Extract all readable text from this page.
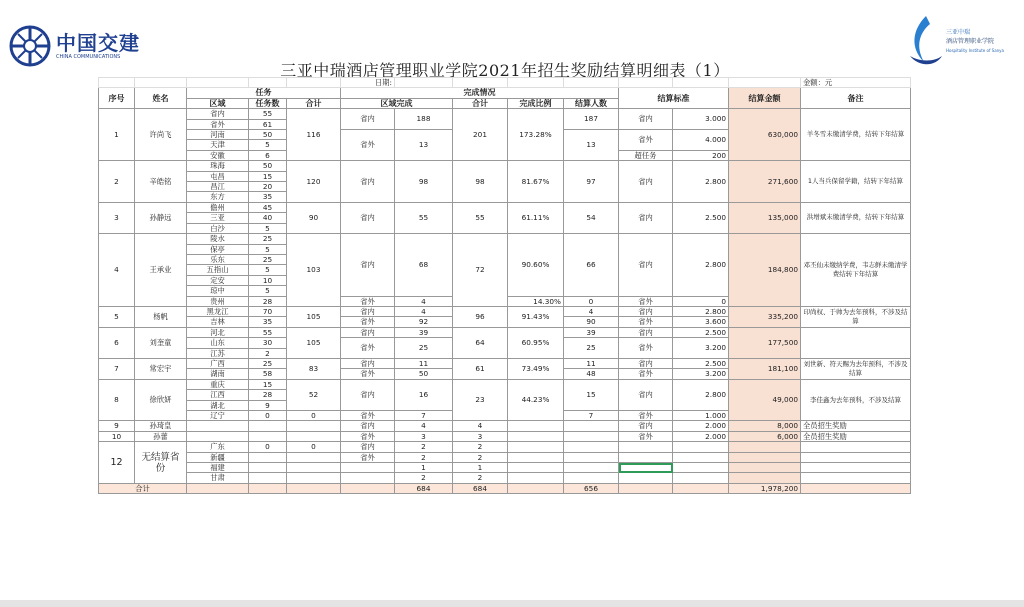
中国交建
CHINA COMMUNICATIONS
三亚中瑞
酒店管理职业学院
Hospitality Institute of Sanya
三亚中瑞酒店管理职业学院2021年招生奖励结算明细表（1）
					日期:								金额：元
序号	姓名	任务			完成情况					结算标准		结算金额	备注
		区域	任务数	合计	区域完成		合计	完成比例	结算人数				
1	许尚飞	省内	55	116	省内	188	201	173.28%	187	省内	3.000	630,000	羊冬雪未缴清学费，结转下年结算
		省外	61										
		河南	50		省外	13			13	省外	4.000		
		天津	5										
		安徽	6							超任务	200		
2	辛皓铭	珠海	50	120	省内	98	98	81.67%	97	省内	2.800	271,600	1人当兵保留学籍，结转下年结算
		屯昌	15										
		昌江	20										
		东方	35										
3	孙静远	儋州	45	90	省内	55	55	61.11%	54	省内	2.500	135,000	洪增斌未缴清学费，结转下年结算
		三亚	40										
		白沙	5										
4	王承业	陵水	25	103	省内	68	72	90.60%	66	省内	2.800	184,800	邓丕仙未缴纳学费，韦志鲜未缴清学费结转下年结算
		保亭	5										
		乐东	25										
		五指山	5										
		定安	10										
		琼中	5										
		贵州	28		省外	4		14.30%	0	省外	0		
5	杨帆	黑龙江	70	105	省内	4	96	91.43%	4	省内	2.800	335,200	印尚权、于帅为去年预科，不涉及结算
		吉林	35		省外	92			90	省外	3.600		
6	刘奎童	河北	55	105	省内	39	64	60.95%	39	省内	2.500	177,500	
		山东	30		省外	25			25	省外	3.200		
		江苏	2										
7	常宏宇	广西	25	83	省内	11	61	73.49%	11	省内	2.500	181,100	刘世新、符天赐为去年预科，不涉及结算
		湖南	58		省外	50			48	省外	3.200		
8	徐欣妍	重庆	15	52	省内	16	23	44.23%	15	省内	2.800	49,000	李佳鑫为去年预科，不涉及结算
		江西	28										
		湖北	9										
		辽宁	0	0	省外	7			7	省外	1.000		
9	孙琦皇				省内	4	4			省内	2.000	8,000	全员招生奖励
10	孙蕾				省外	3	3			省外	2.000	6,000	全员招生奖励
12	无结算省份	广东	0	0	省内	2	2						
		新疆			省外	2	2						
		福建				1	1						
		甘肃				2	2						
合计						684	684		656			1,978,200	
